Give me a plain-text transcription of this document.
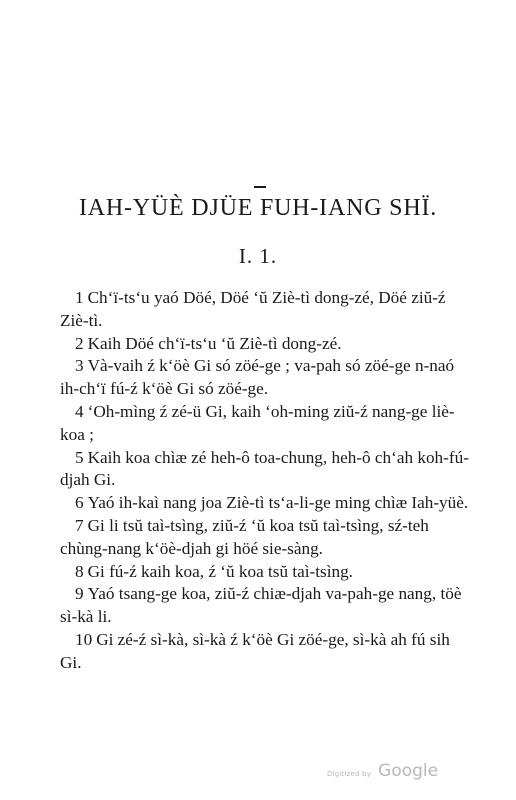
IAH-YÜÈ DJÜE FUH-IANG SHÏ.
I. 1.
1 Ch‘ï-ts‘u yaó Döé, Döé ‘ŭ Ziè-tì dong-zé, Döé ziŭ-ź Ziè-tì.
2 Kaih Döé ch‘ï-ts‘u ‘ŭ Ziè-tì dong-zé.
3 Và-vaih ź k‘öè Gi só zöé-ge ; va-pah só zöé-ge n-naó ih-ch‘ï fú-ź k‘öè Gi só zöé-ge.
4 ‘Oh-mìng ź zé-ü Gi, kaih ‘oh-ming ziŭ-ź nang-ge liè-koa ;
5 Kaih koa chìæ zé heh-ô toa-chung, heh-ô ch‘ah koh-fú-djah Gi.
6 Yaó ih-kaì nang joa Ziè-tì ts‘a-li-ge ming chìæ Iah-yüè.
7 Gi li tsŭ taì-tsìng, ziŭ-ź ‘ŭ koa tsŭ taì-tsìng, sź-teh chùng-nang k‘öè-djah gi höé sie-sàng.
8 Gi fú-ź kaih koa, ź ‘ŭ koa tsŭ taì-tsìng.
9 Yaó tsang-ge koa, ziŭ-ź chiæ-djah va-pah-ge nang, töè sì-kà li.
10 Gi zé-ź sì-kà, sì-kà ź k‘öè Gi zöé-ge, sì-kà ah fú sih Gi.
Digitized by Google
